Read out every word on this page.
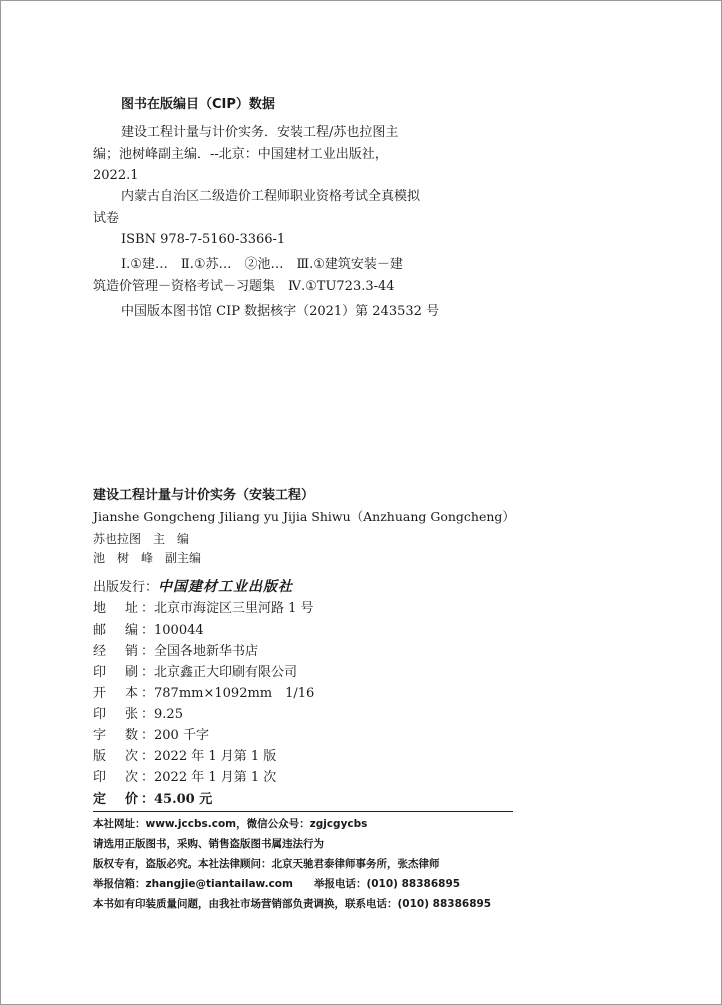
图书在版编目（CIP）数据
建设工程计量与计价实务．安装工程/苏也拉图主
编；池树峰副主编．--北京：中国建材工业出版社，
2022.1
内蒙古自治区二级造价工程师职业资格考试全真模拟
试卷
ISBN 978-7-5160-3366-1
Ⅰ.①建…　Ⅱ.①苏…　②池…　Ⅲ.①建筑安装－建
筑造价管理－资格考试－习题集　Ⅳ.①TU723.3-44
中国版本图书馆 CIP 数据核字（2021）第 243532 号
建设工程计量与计价实务（安装工程）
Jianshe Gongcheng Jiliang yu Jijia Shiwu（Anzhuang Gongcheng）
苏也拉图　主　编
池　树　峰　副主编
出版发行：中国建材工业出版社
地	址 ： 北京市海淀区三里河路 1 号
邮	编 ： 100044
经	销 ： 全国各地新华书店
印	刷 ： 北京鑫正大印刷有限公司
开	本 ： 787mm×1092mm　1/16
印	张 ： 9.25
字	数 ： 200 千字
版	次 ： 2022 年 1 月第 1 版
印	次 ： 2022 年 1 月第 1 次
定	价 ： 45.00 元
本社网址：www.jccbs.com，微信公众号：zgjcgycbs
请选用正版图书，采购、销售盗版图书属违法行为
版权专有，盗版必究。本社法律顾问：北京天驰君泰律师事务所，张杰律师
举报信箱：zhangjie@tiantailaw.com　　举报电话：(010) 88386895
本书如有印装质量问题，由我社市场营销部负责调换，联系电话：(010) 88386895
